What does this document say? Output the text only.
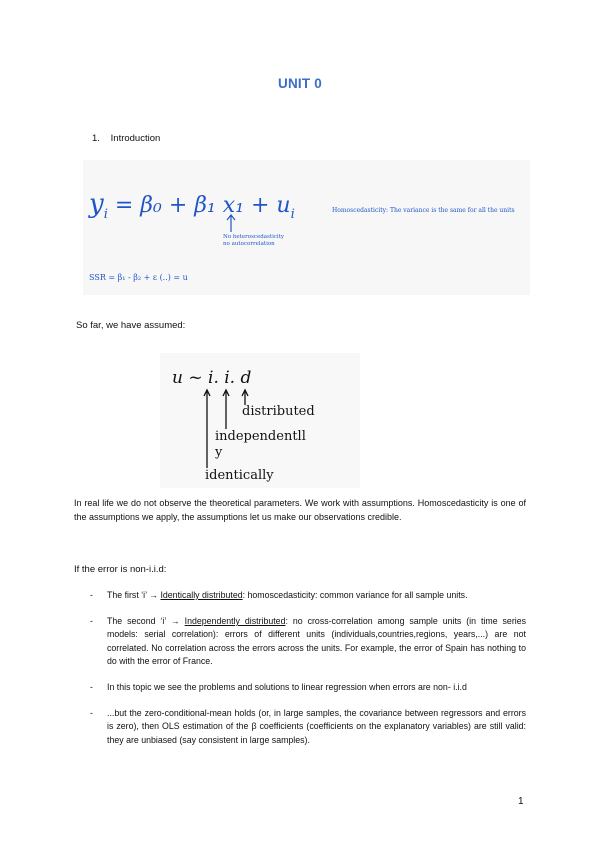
UNIT 0
1. Introduction
$y_i$ $^{= \beta_0 + \beta_1 x_1 + u}_i$
No heteroscedasticity
no autocorrelation
Homoscedasticity: The variance is the same for all the units
SSR = β₁ - β₂ + ε (..) = u
So far, we have assumed:
u ~ i. i. d
distributed
independentll
y
identically
In real life we do not observe the theoretical parameters. We work with assumptions. Homoscedasticity is one of the assumptions we apply, the assumptions let us make our observations credible.
If the error is non-i.i.d:
- The first ‘i’ → Identically distributed: homoscedasticity: common variance for all sample units.
- The second ‘i’ → Independently distributed: no cross-correlation among sample units (in time series models: serial correlation): errors of different units (individuals,countries,regions, years,...) are not correlated. No correlation across the errors across the units. For example, the error of Spain has nothing to do with the error of France.
- In this topic we see the problems and solutions to linear regression when errors are non- i.i.d
- ...but the zero-conditional-mean holds (or, in large samples, the covariance between regressors and errors is zero), then OLS estimation of the β coefficients (coefficients on the explanatory variables) are still valid: they are unbiased (say consistent in large samples).
1
